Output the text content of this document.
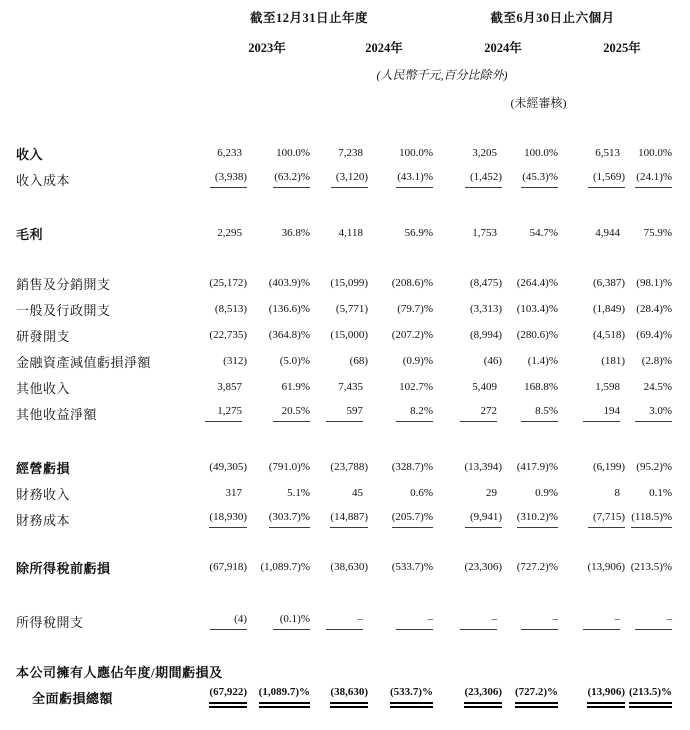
	截至12月31日止年度				截至6月30日止六個月			
	2023年		2024年		2024年		2025年	
	(人民幣千元,百分比除外)							
					(未經審核)			

收入	6,233	100.0%	7,238	100.0%	3,205	100.0%	6,513	100.0%
收入成本	(3,938)	(63.2)%	(3,120)	(43.1)%	(1,452)	(45.3)%	(1,569)	(24.1)%

毛利	2,295	36.8%	4,118	56.9%	1,753	54.7%	4,944	75.9%

銷售及分銷開支	(25,172)	(403.9)%	(15,099)	(208.6)%	(8,475)	(264.4)%	(6,387)	(98.1)%
一般及行政開支	(8,513)	(136.6)%	(5,771)	(79.7)%	(3,313)	(103.4)%	(1,849)	(28.4)%
研發開支	(22,735)	(364.8)%	(15,000)	(207.2)%	(8,994)	(280.6)%	(4,518)	(69.4)%
金融資產減值虧損淨額	(312)	(5.0)%	(68)	(0.9)%	(46)	(1.4)%	(181)	(2.8)%
其他收入	3,857	61.9%	7,435	102.7%	5,409	168.8%	1,598	24.5%
其他收益淨額	1,275	20.5%	597	8.2%	272	8.5%	194	3.0%

經營虧損	(49,305)	(791.0)%	(23,788)	(328.7)%	(13,394)	(417.9)%	(6,199)	(95.2)%
財務收入	317	5.1%	45	0.6%	29	0.9%	8	0.1%
財務成本	(18,930)	(303.7)%	(14,887)	(205.7)%	(9,941)	(310.2)%	(7,715)	(118.5)%

除所得稅前虧損	(67,918)	(1,089.7)%	(38,630)	(533.7)%	(23,306)	(727.2)%	(13,906)	(213.5)%

所得稅開支	(4)	(0.1)%	–	–	–	–	–	–

本公司擁有人應佔年度/期間虧損及								
全面虧損總額	(67,922)	(1,089.7)%	(38,630)	(533.7)%	(23,306)	(727.2)%	(13,906)	(213.5)%
